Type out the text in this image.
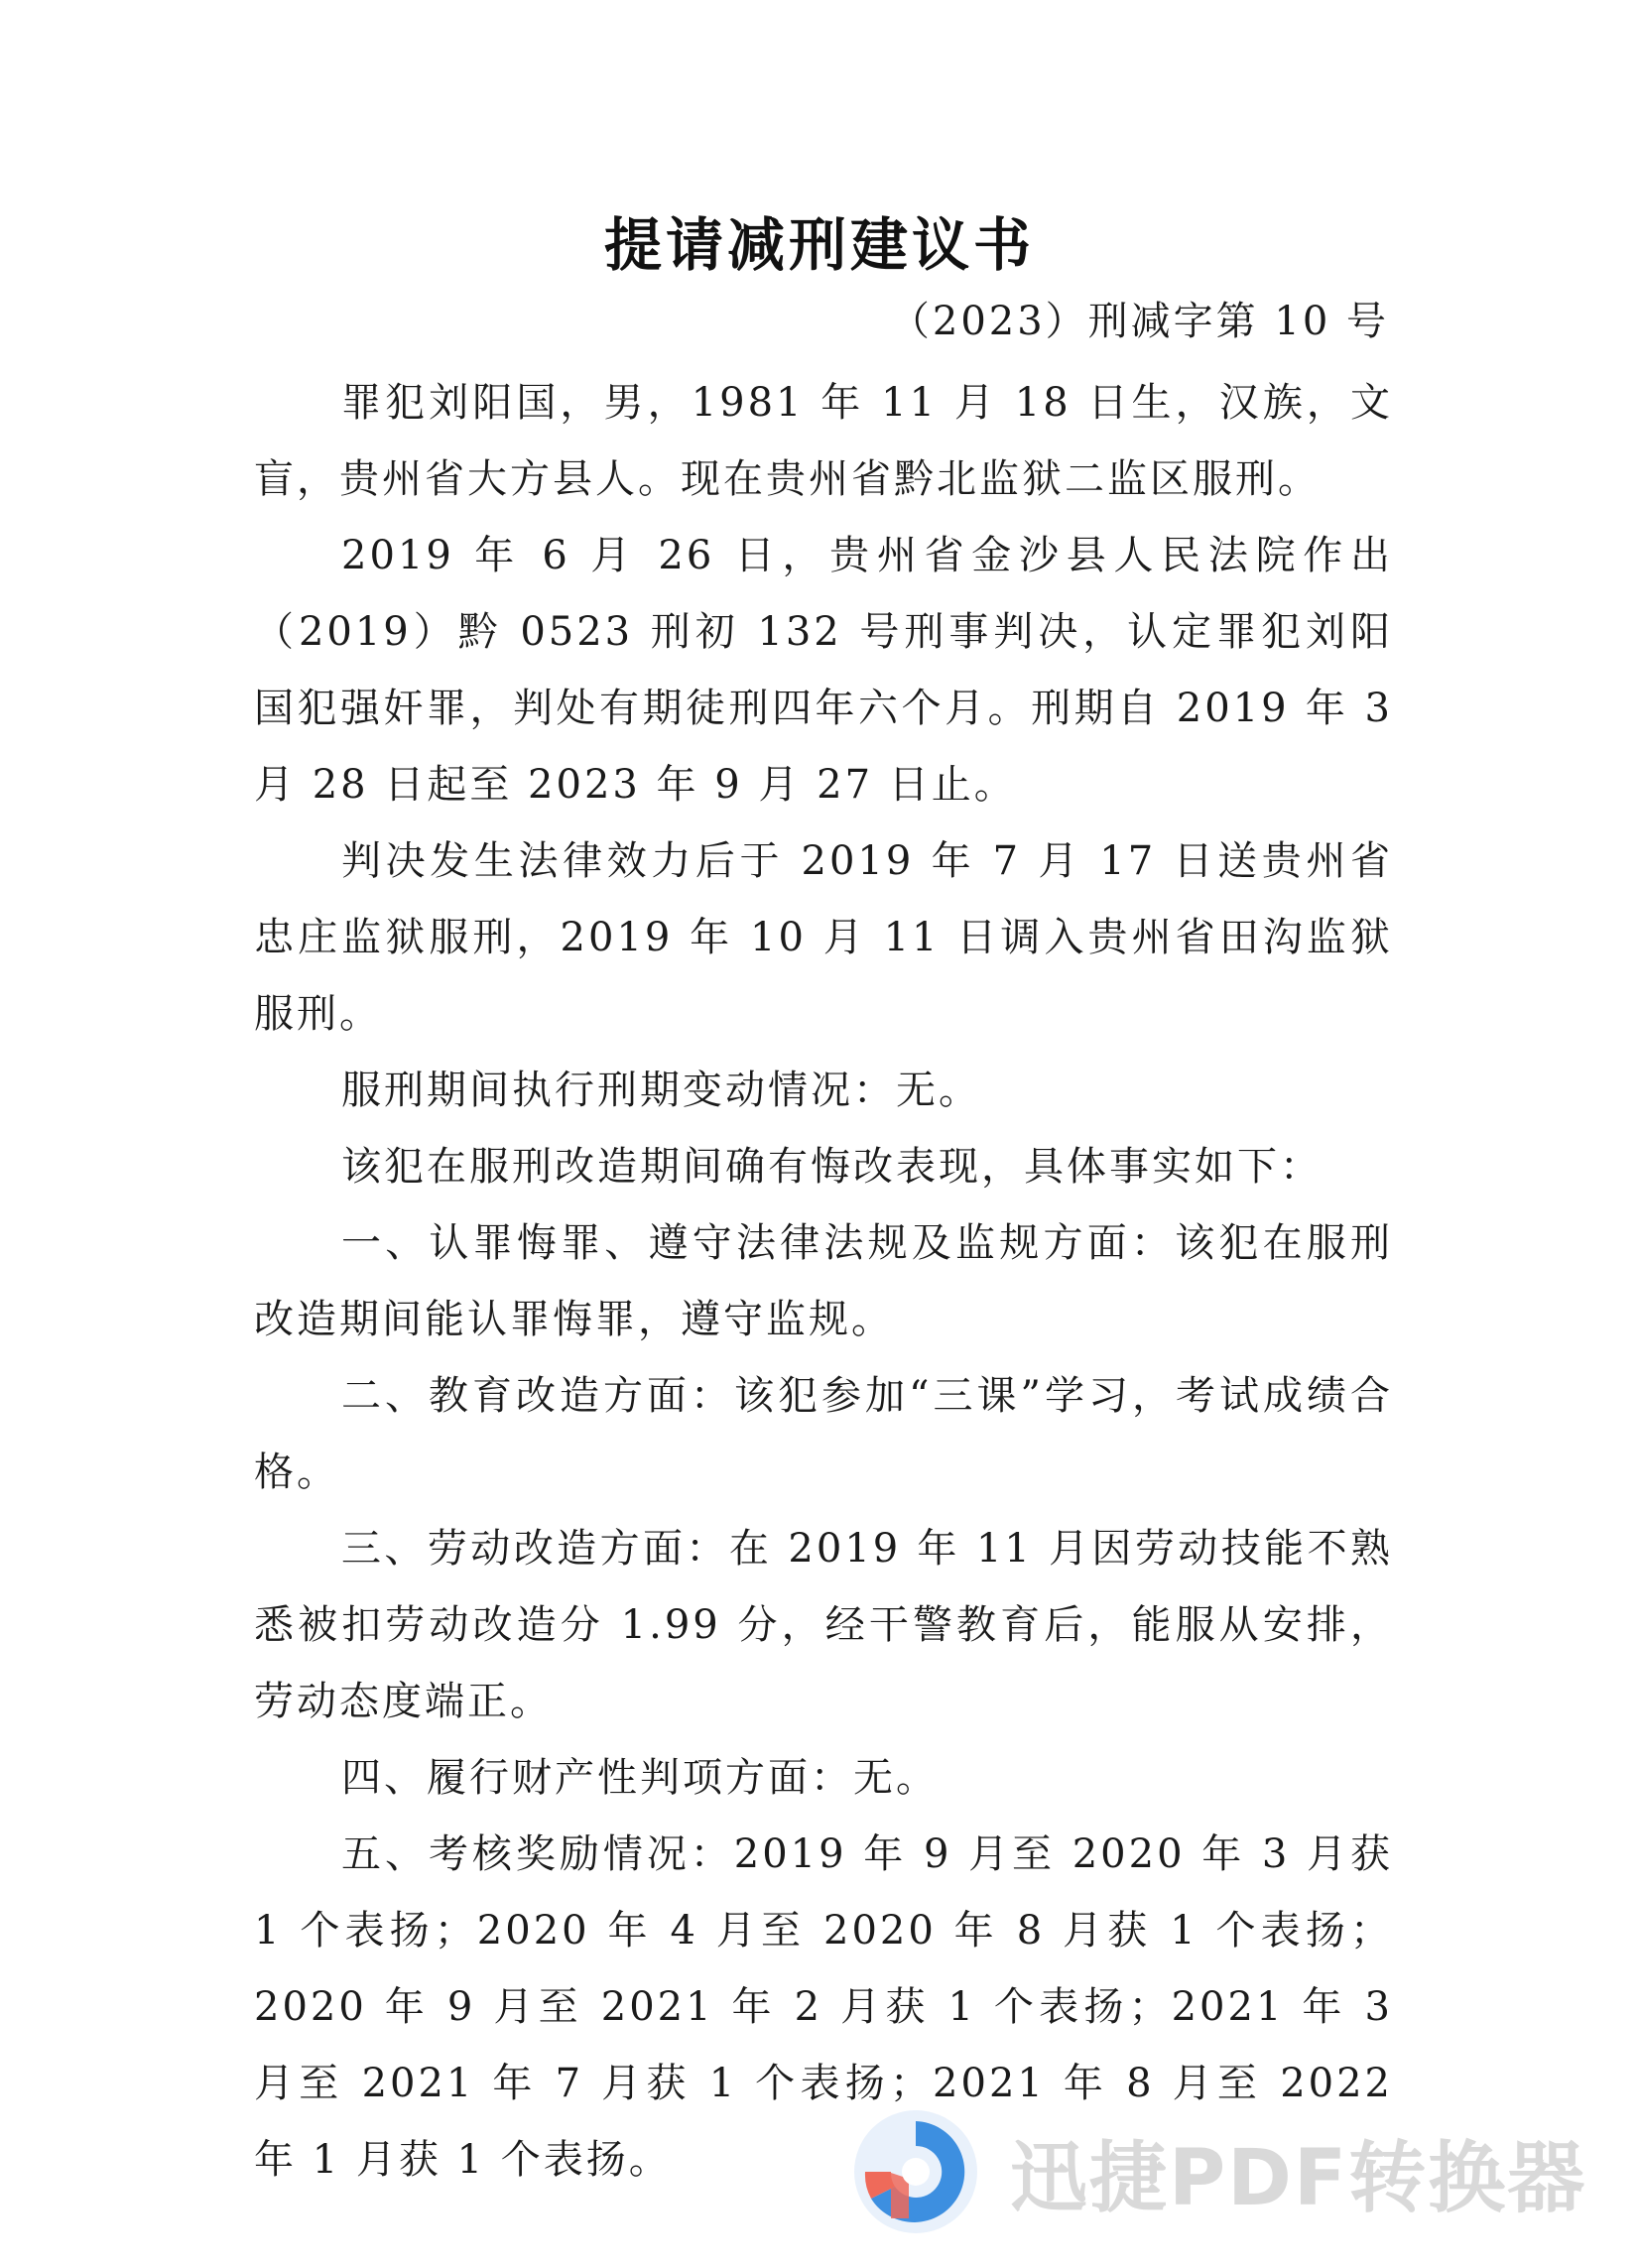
提请减刑建议书
（2023）刑减字第 10 号

罪犯刘阳国，男，1981 年 11 月 18 日生，汉族，文盲，贵州省大方县人。现在贵州省黔北监狱二监区服刑。

2019 年 6 月 26 日，贵州省金沙县人民法院作出（2019）黔 0523 刑初 132 号刑事判决，认定罪犯刘阳国犯强奸罪，判处有期徒刑四年六个月。刑期自 2019 年 3 月 28 日起至 2023 年 9 月 27 日止。

判决发生法律效力后于 2019 年 7 月 17 日送贵州省忠庄监狱服刑，2019 年 10 月 11 日调入贵州省田沟监狱服刑。

服刑期间执行刑期变动情况：无。

该犯在服刑改造期间确有悔改表现，具体事实如下：

一、认罪悔罪、遵守法律法规及监规方面：该犯在服刑改造期间能认罪悔罪，遵守监规。

二、教育改造方面：该犯参加“三课”学习，考试成绩合格。

三、劳动改造方面：在 2019 年 11 月因劳动技能不熟悉被扣劳动改造分 1.99 分，经干警教育后，能服从安排，劳动态度端正。

四、履行财产性判项方面：无。

五、考核奖励情况：2019 年 9 月至 2020 年 3 月获 1 个表扬；2020 年 4 月至 2020 年 8 月获 1 个表扬；2020 年 9 月至 2021 年 2 月获 1 个表扬；2021 年 3 月至 2021 年 7 月获 1 个表扬；2021 年 8 月至 2022 年 1 月获 1 个表扬。	迅捷PDF转换器
